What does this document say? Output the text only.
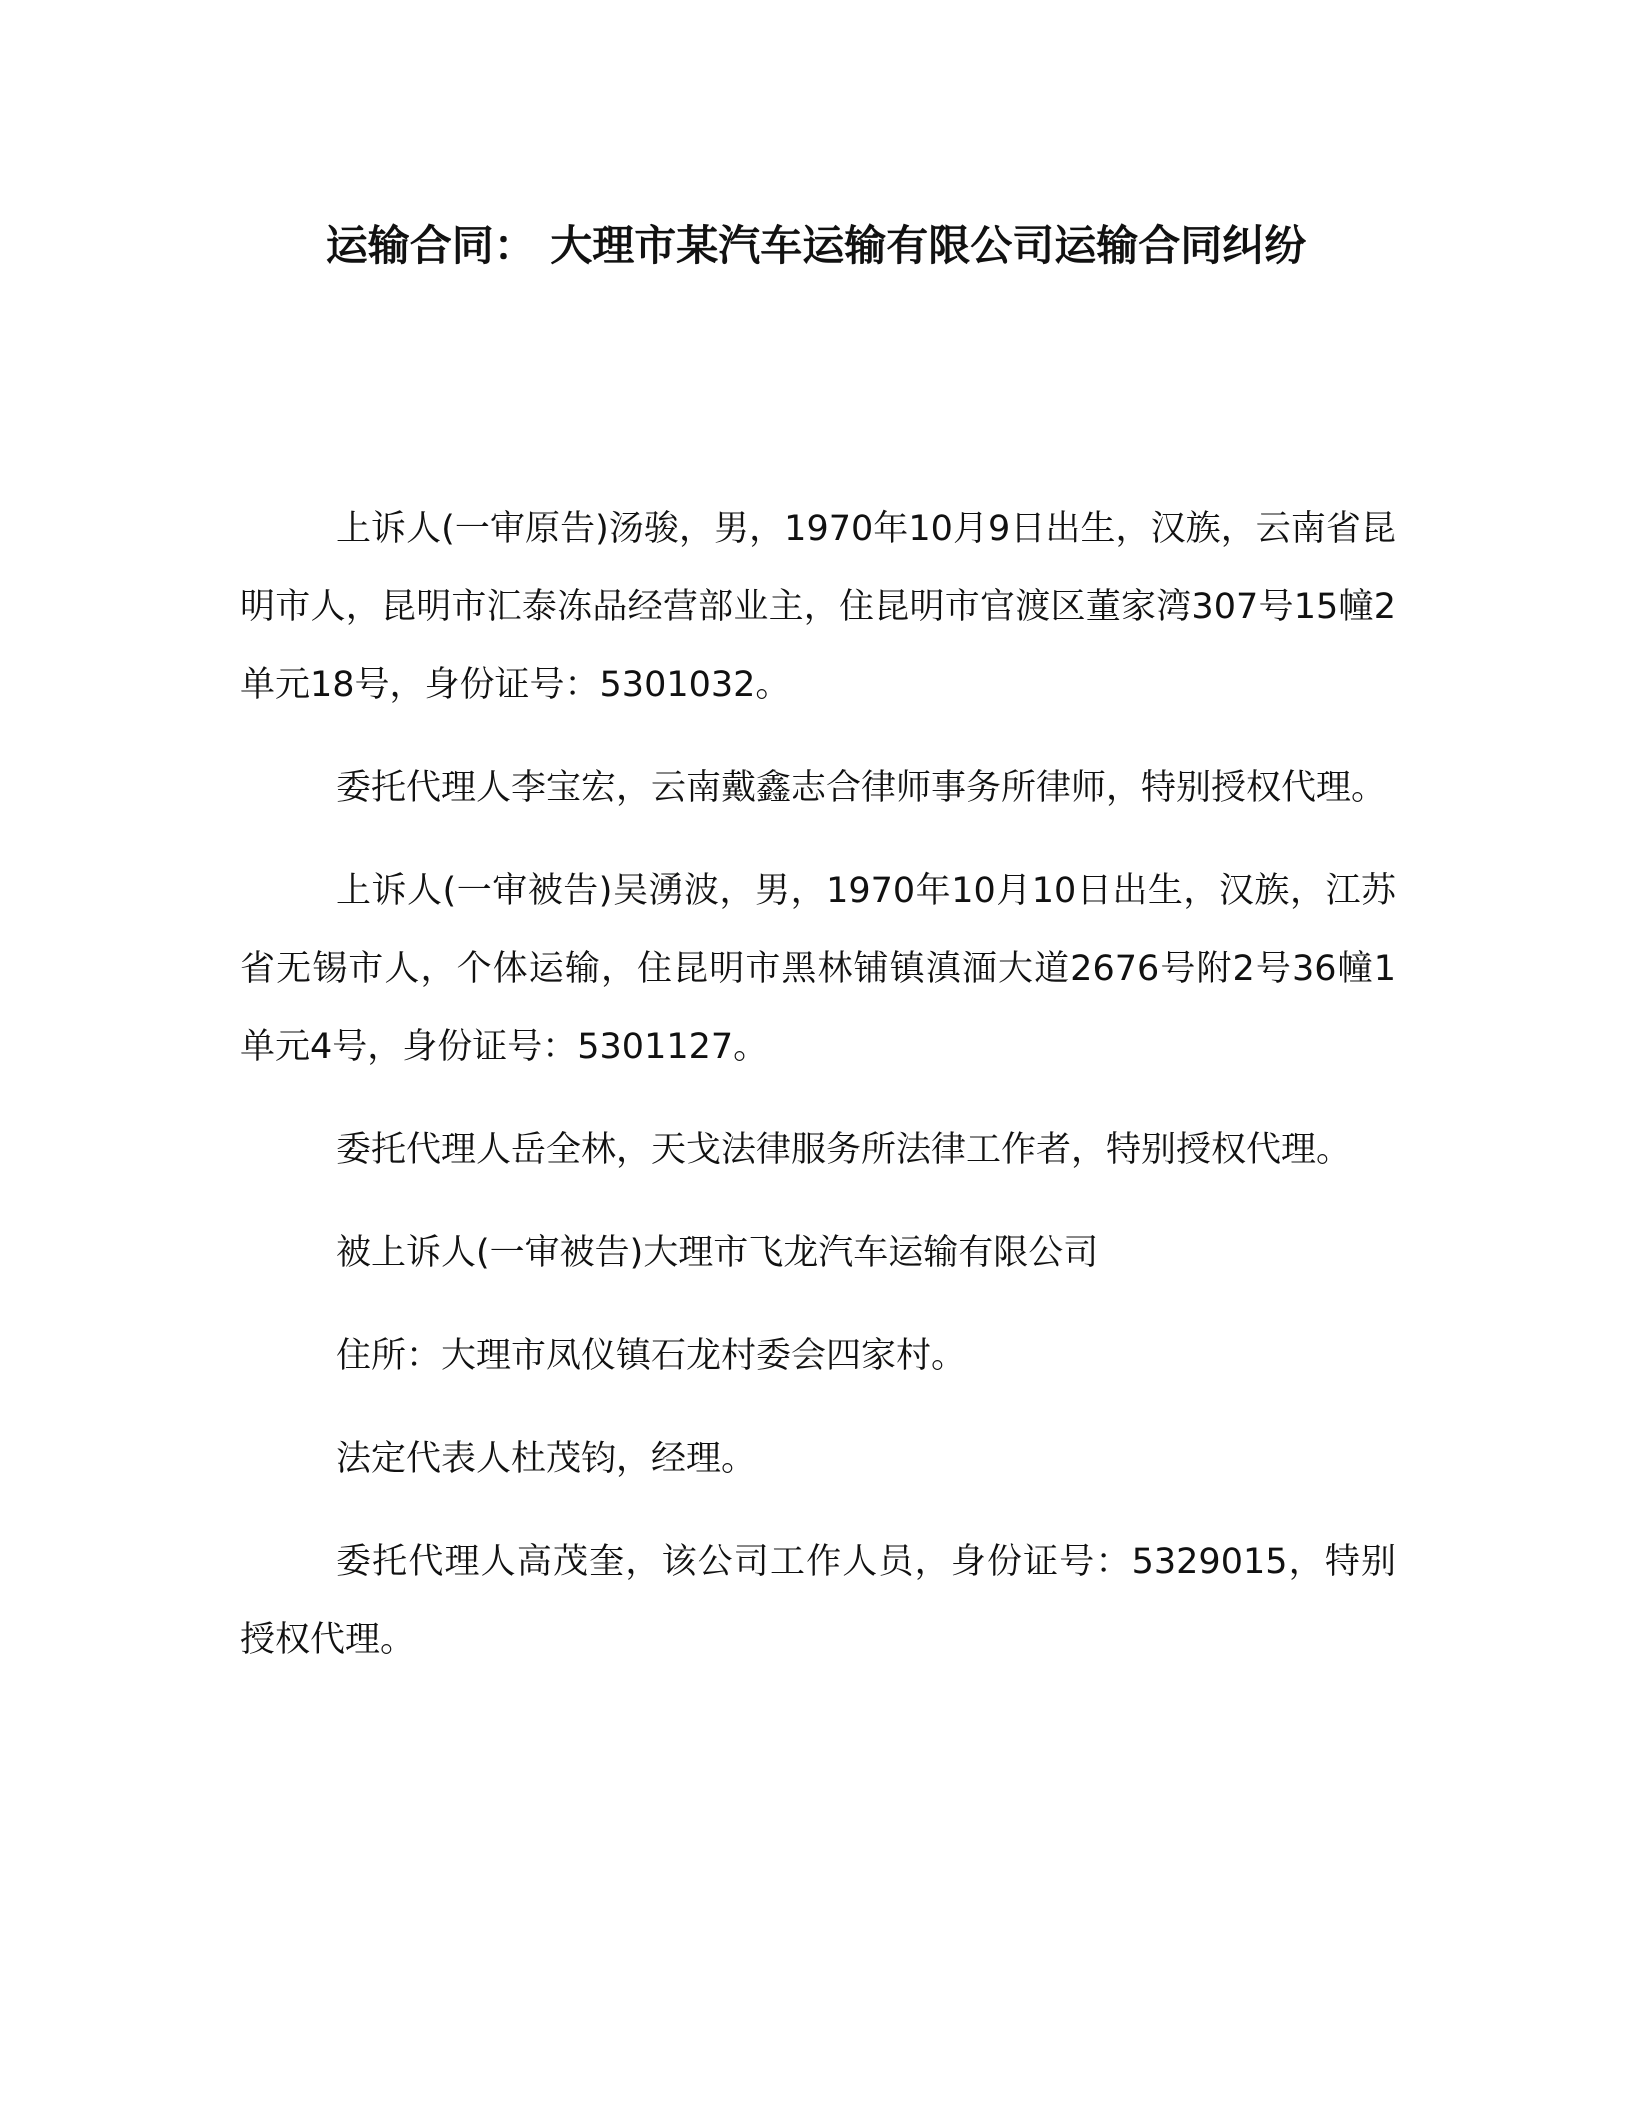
运输合同： 大理市某汽车运输有限公司运输合同纠纷

上诉人(一审原告)汤骏，男，1970年10月9日出生，汉族，云南省昆明市人，昆明市汇泰冻品经营部业主，住昆明市官渡区董家湾307号15幢2单元18号，身份证号：5301032。

委托代理人李宝宏，云南戴鑫志合律师事务所律师，特别授权代理。

上诉人(一审被告)吴湧波，男，1970年10月10日出生，汉族，江苏省无锡市人，个体运输，住昆明市黑林铺镇滇湎大道2676号附2号36幢1单元4号，身份证号：5301127。

委托代理人岳全林，天戈法律服务所法律工作者，特别授权代理。

被上诉人(一审被告)大理市飞龙汽车运输有限公司

住所：大理市凤仪镇石龙村委会四家村。

法定代表人杜茂钧，经理。

委托代理人高茂奎，该公司工作人员，身份证号：5329015，特别授权代理。
